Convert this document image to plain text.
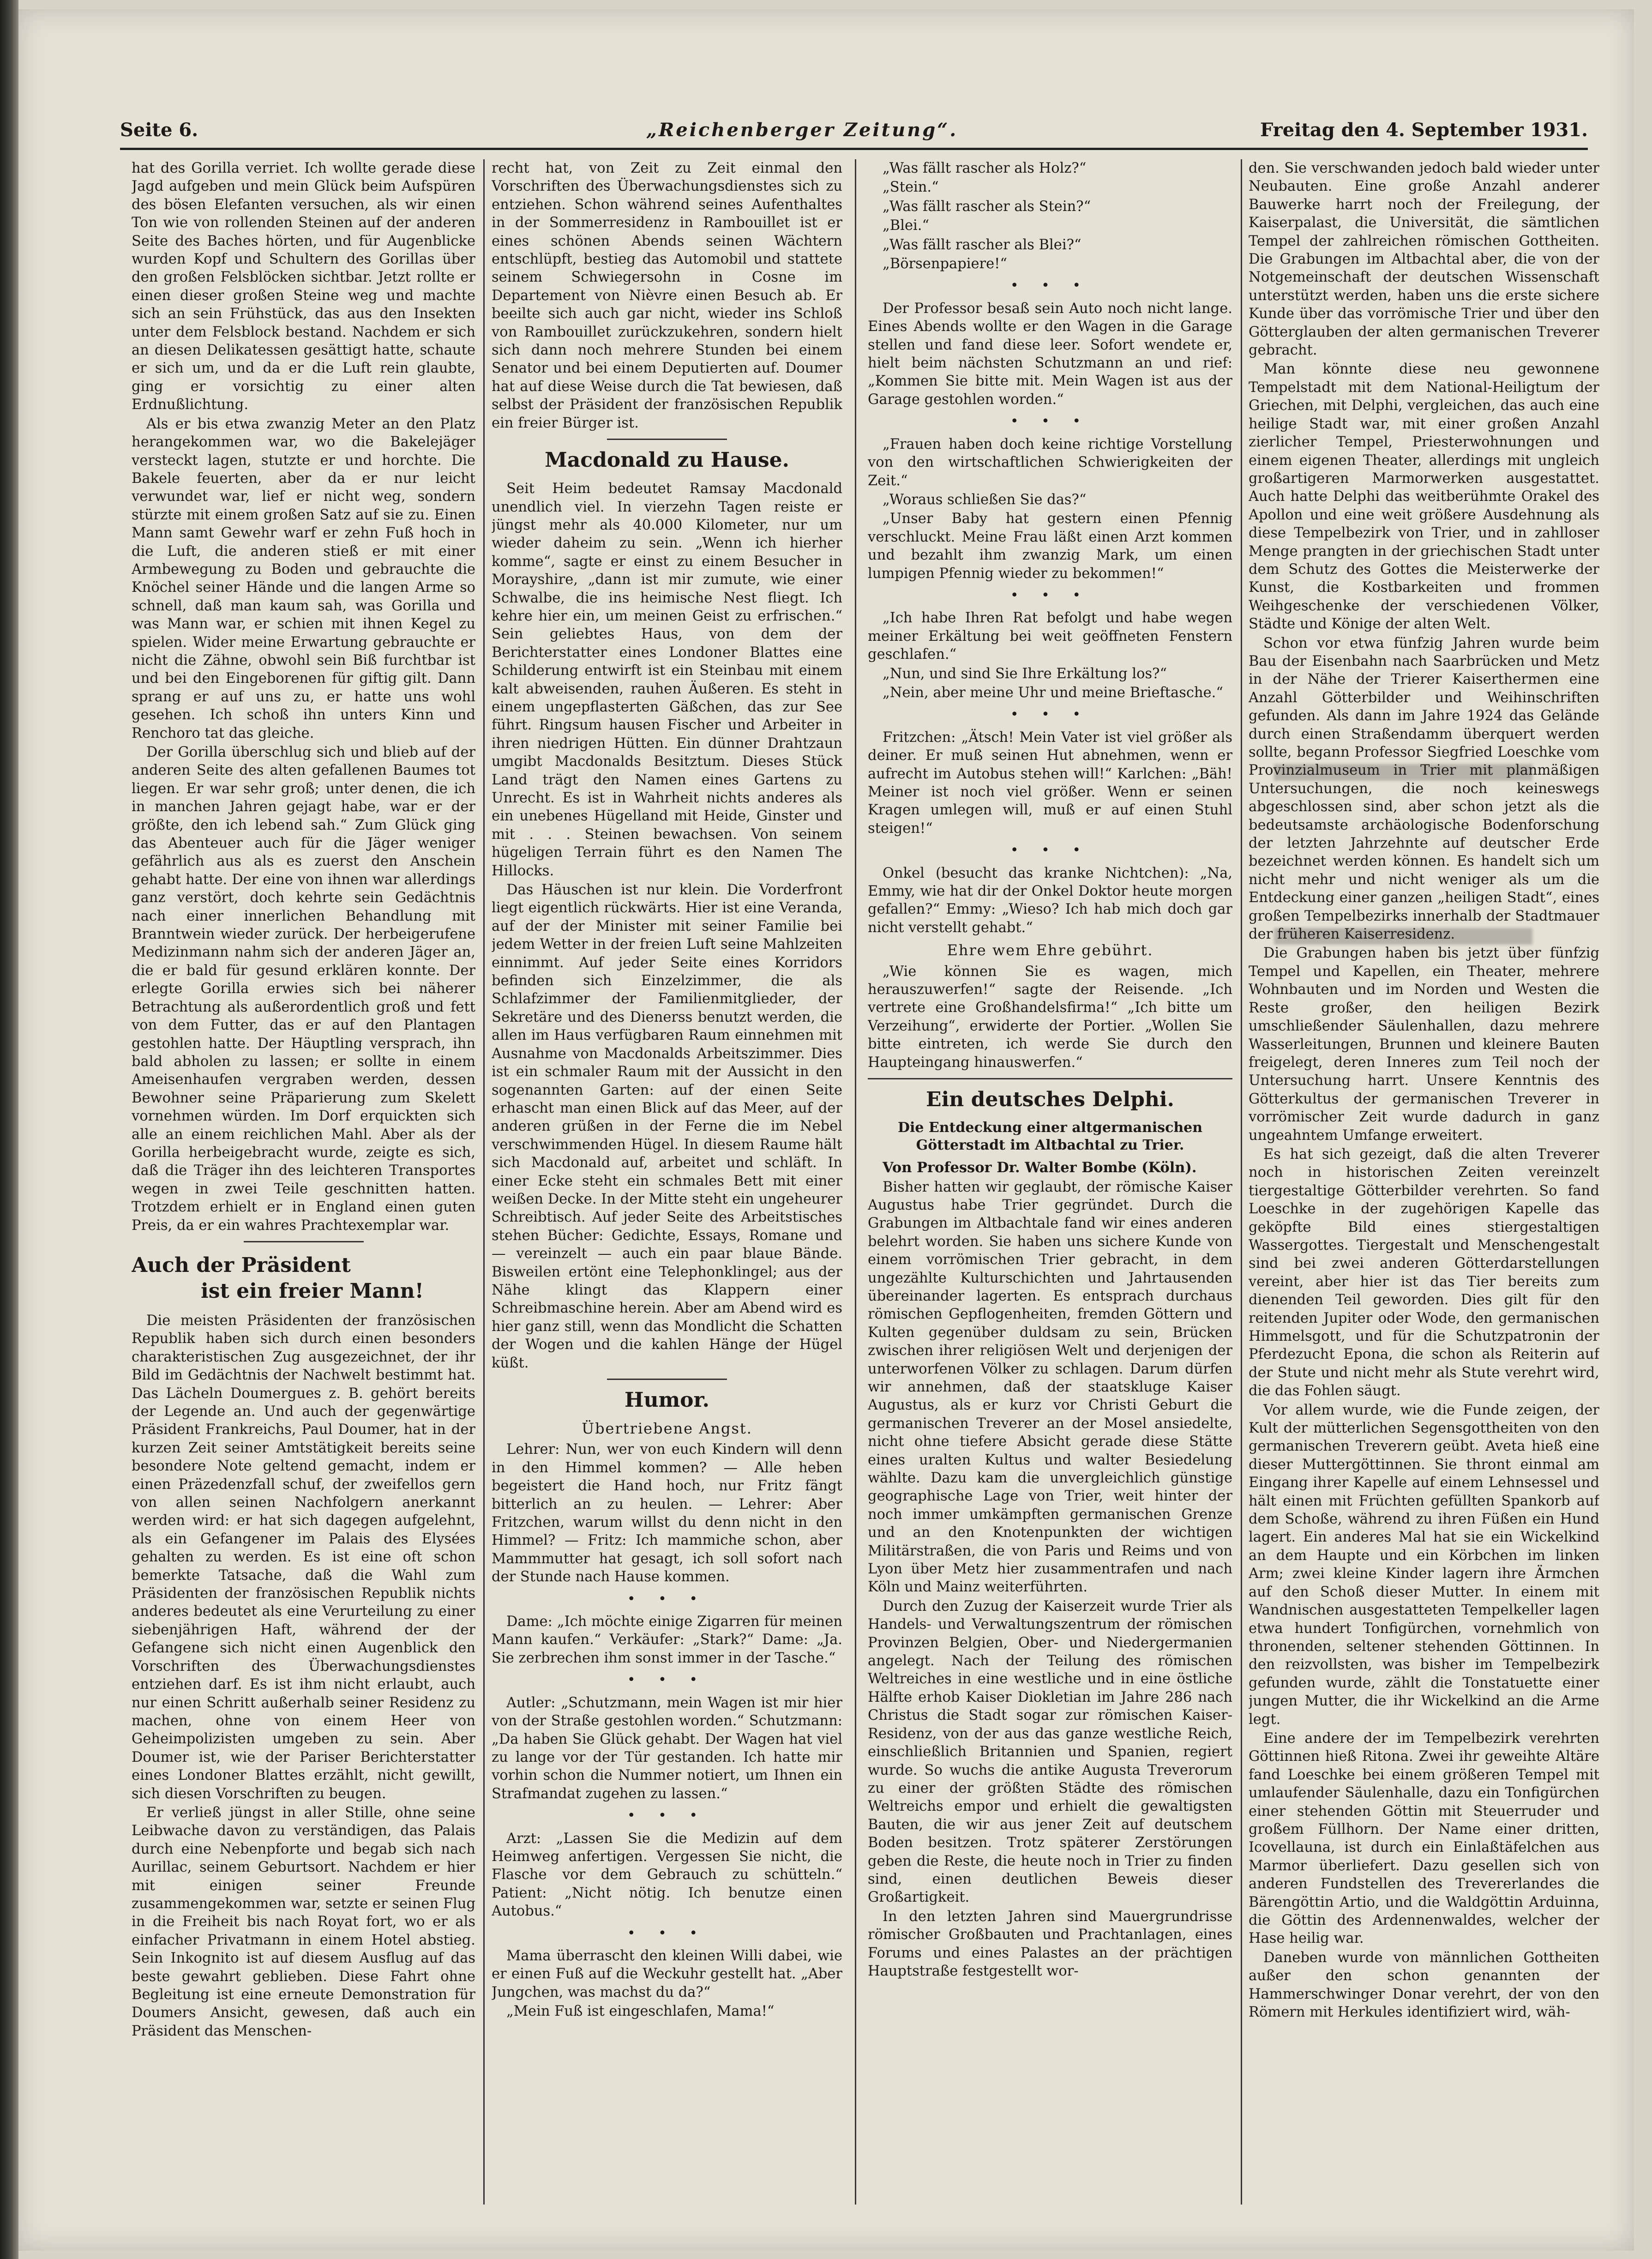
Seite 6.	„Reichenberger Zeitung“.	Freitag den 4. September 1931.

hat des Gorilla verriet. Ich wollte gerade diese Jagd aufgeben und mein Glück beim Aufspüren des bösen Elefanten versuchen, als wir einen Ton wie von rollenden Steinen auf der anderen Seite des Baches hörten, und für Augenblicke wurden Kopf und Schultern des Gorillas über den großen Felsblöcken sichtbar. Jetzt rollte er einen dieser großen Steine weg und machte sich an sein Frühstück, das aus den Insekten unter dem Felsblock bestand. Nachdem er sich an diesen Delikatessen gesättigt hatte, schaute er sich um, und da er die Luft rein glaubte, ging er vorsichtig zu einer alten Erdnußlichtung.

Als er bis etwa zwanzig Meter an den Platz herangekommen war, wo die Bakelejäger versteckt lagen, stutzte er und horchte. Die Bakele feuerten, aber da er nur leicht verwundet war, lief er nicht weg, sondern stürzte mit einem großen Satz auf sie zu. Einen Mann samt Gewehr warf er zehn Fuß hoch in die Luft, die anderen stieß er mit einer Armbewegung zu Boden und gebrauchte die Knöchel seiner Hände und die langen Arme so schnell, daß man kaum sah, was Gorilla und was Mann war, er schien mit ihnen Kegel zu spielen. Wider meine Erwartung gebrauchte er nicht die Zähne, obwohl sein Biß furchtbar ist und bei den Eingeborenen für giftig gilt. Dann sprang er auf uns zu, er hatte uns wohl gesehen. Ich schoß ihn unters Kinn und Renchoro tat das gleiche.

Der Gorilla überschlug sich und blieb auf der anderen Seite des alten gefallenen Baumes tot liegen. Er war sehr groß; unter denen, die ich in manchen Jahren gejagt habe, war er der größte, den ich lebend sah.“ Zum Glück ging das Abenteuer auch für die Jäger weniger gefährlich aus als es zuerst den Anschein gehabt hatte. Der eine von ihnen war allerdings ganz verstört, doch kehrte sein Gedächtnis nach einer innerlichen Behandlung mit Branntwein wieder zurück. Der herbeigerufene Medizinmann nahm sich der anderen Jäger an, die er bald für gesund erklären konnte. Der erlegte Gorilla erwies sich bei näherer Betrachtung als außerordentlich groß und fett von dem Futter, das er auf den Plantagen gestohlen hatte. Der Häuptling versprach, ihn bald abholen zu lassen; er sollte in einem Ameisenhaufen vergraben werden, dessen Bewohner seine Präparierung zum Skelett vornehmen würden. Im Dorf erquickten sich alle an einem reichlichen Mahl. Aber als der Gorilla herbeigebracht wurde, zeigte es sich, daß die Träger ihn des leichteren Transportes wegen in zwei Teile geschnitten hatten. Trotzdem erhielt er in England einen guten Preis, da er ein wahres Prachtexemplar war.

Auch der Präsident
ist ein freier Mann!

Die meisten Präsidenten der französischen Republik haben sich durch einen besonders charakteristischen Zug ausgezeichnet, der ihr Bild im Gedächtnis der Nachwelt bestimmt hat. Das Lächeln Doumergues z. B. gehört bereits der Legende an. Und auch der gegenwärtige Präsident Frankreichs, Paul Doumer, hat in der kurzen Zeit seiner Amtstätigkeit bereits seine besondere Note geltend gemacht, indem er einen Präzedenzfall schuf, der zweifellos gern von allen seinen Nachfolgern anerkannt werden wird: er hat sich dagegen aufgelehnt, als ein Gefangener im Palais des Elysées gehalten zu werden. Es ist eine oft schon bemerkte Tatsache, daß die Wahl zum Präsidenten der französischen Republik nichts anderes bedeutet als eine Verurteilung zu einer siebenjährigen Haft, während der der Gefangene sich nicht einen Augenblick den Vorschriften des Überwachungsdienstes entziehen darf. Es ist ihm nicht erlaubt, auch nur einen Schritt außerhalb seiner Residenz zu machen, ohne von einem Heer von Geheimpolizisten umgeben zu sein. Aber Doumer ist, wie der Pariser Berichterstatter eines Londoner Blattes erzählt, nicht gewillt, sich diesen Vorschriften zu beugen.

Er verließ jüngst in aller Stille, ohne seine Leibwache davon zu verständigen, das Palais durch eine Nebenpforte und begab sich nach Aurillac, seinem Geburtsort. Nachdem er hier mit einigen seiner Freunde zusammengekommen war, setzte er seinen Flug in die Freiheit bis nach Royat fort, wo er als einfacher Privatmann in einem Hotel abstieg. Sein Inkognito ist auf diesem Ausflug auf das beste gewahrt geblieben. Diese Fahrt ohne Begleitung ist eine erneute Demonstration für Doumers Ansicht, gewesen, daß auch ein Präsident das Menschen-

recht hat, von Zeit zu Zeit einmal den Vorschriften des Überwachungsdienstes sich zu entziehen. Schon während seines Aufenthaltes in der Sommerresidenz in Rambouillet ist er eines schönen Abends seinen Wächtern entschlüpft, bestieg das Automobil und stattete seinem Schwiegersohn in Cosne im Departement von Nièvre einen Besuch ab. Er beeilte sich auch gar nicht, wieder ins Schloß von Rambouillet zurückzukehren, sondern hielt sich dann noch mehrere Stunden bei einem Senator und bei einem Deputierten auf. Doumer hat auf diese Weise durch die Tat bewiesen, daß selbst der Präsident der französischen Republik ein freier Bürger ist.

Macdonald zu Hause.

Seit Heim bedeutet Ramsay Macdonald unendlich viel. In vierzehn Tagen reiste er jüngst mehr als 40.000 Kilometer, nur um wieder daheim zu sein. „Wenn ich hierher komme“, sagte er einst zu einem Besucher in Morayshire, „dann ist mir zumute, wie einer Schwalbe, die ins heimische Nest fliegt. Ich kehre hier ein, um meinen Geist zu erfrischen.“ Sein geliebtes Haus, von dem der Berichterstatter eines Londoner Blattes eine Schilderung entwirft ist ein Steinbau mit einem kalt abweisenden, rauhen Äußeren. Es steht in einem ungepflasterten Gäßchen, das zur See führt. Ringsum hausen Fischer und Arbeiter in ihren niedrigen Hütten. Ein dünner Drahtzaun umgibt Macdonalds Besitztum. Dieses Stück Land trägt den Namen eines Gartens zu Unrecht. Es ist in Wahrheit nichts anderes als ein unebenes Hügelland mit Heide, Ginster und mit . . . Steinen bewachsen. Von seinem hügeligen Terrain führt es den Namen The Hillocks.

Das Häuschen ist nur klein. Die Vorderfront liegt eigentlich rückwärts. Hier ist eine Veranda, auf der der Minister mit seiner Familie bei jedem Wetter in der freien Luft seine Mahlzeiten einnimmt. Auf jeder Seite eines Korridors befinden sich Einzelzimmer, die als Schlafzimmer der Familienmitglieder, der Sekretäre und des Dienerss benutzt werden, die allen im Haus verfügbaren Raum einnehmen mit Ausnahme von Macdonalds Arbeitszimmer. Dies ist ein schmaler Raum mit der Aussicht in den sogenannten Garten: auf der einen Seite erhascht man einen Blick auf das Meer, auf der anderen grüßen in der Ferne die im Nebel verschwimmenden Hügel. In diesem Raume hält sich Macdonald auf, arbeitet und schläft. In einer Ecke steht ein schmales Bett mit einer weißen Decke. In der Mitte steht ein ungeheurer Schreibtisch. Auf jeder Seite des Arbeitstisches stehen Bücher: Gedichte, Essays, Romane und — vereinzelt — auch ein paar blaue Bände. Bisweilen ertönt eine Telephonklingel; aus der Nähe klingt das Klappern einer Schreibmaschine herein. Aber am Abend wird es hier ganz still, wenn das Mondlicht die Schatten der Wogen und die kahlen Hänge der Hügel küßt.

Humor.
Übertriebene Angst.

Lehrer: Nun, wer von euch Kindern will denn in den Himmel kommen? — Alle heben begeistert die Hand hoch, nur Fritz fängt bitterlich an zu heulen. — Lehrer: Aber Fritzchen, warum willst du denn nicht in den Himmel? — Fritz: Ich mammiche schon, aber Mammmutter hat gesagt, ich soll sofort nach der Stunde nach Hause kommen.

• • •

Dame: „Ich möchte einige Zigarren für meinen Mann kaufen.“ Verkäufer: „Stark?“ Dame: „Ja. Sie zerbrechen ihm sonst immer in der Tasche.“

• • •

Autler: „Schutzmann, mein Wagen ist mir hier von der Straße gestohlen worden.“ Schutzmann: „Da haben Sie Glück gehabt. Der Wagen hat viel zu lange vor der Tür gestanden. Ich hatte mir vorhin schon die Nummer notiert, um Ihnen ein Strafmandat zugehen zu lassen.“

• • •

Arzt: „Lassen Sie die Medizin auf dem Heimweg anfertigen. Vergessen Sie nicht, die Flasche vor dem Gebrauch zu schütteln.“ Patient: „Nicht nötig. Ich benutze einen Autobus.“

• • •

Mama überrascht den kleinen Willi dabei, wie er einen Fuß auf die Weckuhr gestellt hat. „Aber Jungchen, was machst du da?“

„Mein Fuß ist eingeschlafen, Mama!“

„Was fällt rascher als Holz?“

„Stein.“

„Was fällt rascher als Stein?“

„Blei.“

„Was fällt rascher als Blei?“

„Börsenpapiere!“

• • •

Der Professor besaß sein Auto noch nicht lange. Eines Abends wollte er den Wagen in die Garage stellen und fand diese leer. Sofort wendete er, hielt beim nächsten Schutzmann an und rief: „Kommen Sie bitte mit. Mein Wagen ist aus der Garage gestohlen worden.“

• • •

„Frauen haben doch keine richtige Vorstellung von den wirtschaftlichen Schwierigkeiten der Zeit.“

„Woraus schließen Sie das?“

„Unser Baby hat gestern einen Pfennig verschluckt. Meine Frau läßt einen Arzt kommen und bezahlt ihm zwanzig Mark, um einen lumpigen Pfennig wieder zu bekommen!“

• • •

„Ich habe Ihren Rat befolgt und habe wegen meiner Erkältung bei weit geöffneten Fenstern geschlafen.“

„Nun, und sind Sie Ihre Erkältung los?“

„Nein, aber meine Uhr und meine Brieftasche.“

• • •

Fritzchen: „Ätsch! Mein Vater ist viel größer als deiner. Er muß seinen Hut abnehmen, wenn er aufrecht im Autobus stehen will!“ Karlchen: „Bäh! Meiner ist noch viel größer. Wenn er seinen Kragen umlegen will, muß er auf einen Stuhl steigen!“

• • •

Onkel (besucht das kranke Nichtchen): „Na, Emmy, wie hat dir der Onkel Doktor heute morgen gefallen?“ Emmy: „Wieso? Ich hab mich doch gar nicht verstellt gehabt.“

Ehre wem Ehre gebührt.

„Wie können Sie es wagen, mich herauszuwerfen!“ sagte der Reisende. „Ich vertrete eine Großhandelsfirma!“ „Ich bitte um Verzeihung“, erwiderte der Portier. „Wollen Sie bitte eintreten, ich werde Sie durch den Haupteingang hinauswerfen.“

Ein deutsches Delphi.
Die Entdeckung einer altgermanischen Götterstadt im Altbachtal zu Trier.

Von Professor Dr. Walter Bombe (Köln).

Bisher hatten wir geglaubt, der römische Kaiser Augustus habe Trier gegründet. Durch die Grabungen im Altbachtale fand wir eines anderen belehrt worden. Sie haben uns sichere Kunde von einem vorrömischen Trier gebracht, in dem ungezählte Kulturschichten und Jahrtausenden übereinander lagerten. Es entsprach durchaus römischen Gepflogenheiten, fremden Göttern und Kulten gegenüber duldsam zu sein, Brücken zwischen ihrer religiösen Welt und derjenigen der unterworfenen Völker zu schlagen. Darum dürfen wir annehmen, daß der staatskluge Kaiser Augustus, als er kurz vor Christi Geburt die germanischen Treverer an der Mosel ansiedelte, nicht ohne tiefere Absicht gerade diese Stätte eines uralten Kultus und walter Besiedelung wählte. Dazu kam die unvergleichlich günstige geographische Lage von Trier, weit hinter der noch immer umkämpften germanischen Grenze und an den Knotenpunkten der wichtigen Militärstraßen, die von Paris und Reims und von Lyon über Metz hier zusammentrafen und nach Köln und Mainz weiterführten.

Durch den Zuzug der Kaiserzeit wurde Trier als Handels- und Verwaltungszentrum der römischen Provinzen Belgien, Ober- und Niedergermanien angelegt. Nach der Teilung des römischen Weltreiches in eine westliche und in eine östliche Hälfte erhob Kaiser Diokletian im Jahre 286 nach Christus die Stadt sogar zur römischen Kaiser-Residenz, von der aus das ganze westliche Reich, einschließlich Britannien und Spanien, regiert wurde. So wuchs die antike Augusta Treverorum zu einer der größten Städte des römischen Weltreichs empor und erhielt die gewaltigsten Bauten, die wir aus jener Zeit auf deutschem Boden besitzen. Trotz späterer Zerstörungen geben die Reste, die heute noch in Trier zu finden sind, einen deutlichen Beweis dieser Großartigkeit.

In den letzten Jahren sind Mauergrundrisse römischer Großbauten und Prachtanlagen, eines Forums und eines Palastes an der prächtigen Hauptstraße festgestellt wor-

den. Sie verschwanden jedoch bald wieder unter Neubauten. Eine große Anzahl anderer Bauwerke harrt noch der Freilegung, der Kaiserpalast, die Universität, die sämtlichen Tempel der zahlreichen römischen Gottheiten. Die Grabungen im Altbachtal aber, die von der Notgemeinschaft der deutschen Wissenschaft unterstützt werden, haben uns die erste sichere Kunde über das vorrömische Trier und über den Götterglauben der alten germanischen Treverer gebracht.

Man könnte diese neu gewonnene Tempelstadt mit dem National-Heiligtum der Griechen, mit Delphi, vergleichen, das auch eine heilige Stadt war, mit einer großen Anzahl zierlicher Tempel, Priesterwohnungen und einem eigenen Theater, allerdings mit ungleich großartigeren Marmorwerken ausgestattet. Auch hatte Delphi das weitberühmte Orakel des Apollon und eine weit größere Ausdehnung als diese Tempelbezirk von Trier, und in zahlloser Menge prangten in der griechischen Stadt unter dem Schutz des Gottes die Meisterwerke der Kunst, die Kostbarkeiten und frommen Weihgeschenke der verschiedenen Völker, Städte und Könige der alten Welt.

Schon vor etwa fünfzig Jahren wurde beim Bau der Eisenbahn nach Saarbrücken und Metz in der Nähe der Trierer Kaiserthermen eine Anzahl Götterbilder und Weihinschriften gefunden. Als dann im Jahre 1924 das Gelände durch einen Straßendamm überquert werden sollte, begann Professor Siegfried Loeschke vom Provinzialmuseum in Trier mit planmäßigen Untersuchungen, die noch keineswegs abgeschlossen sind, aber schon jetzt als die bedeutsamste archäologische Bodenforschung der letzten Jahrzehnte auf deutscher Erde bezeichnet werden können. Es handelt sich um nicht mehr und nicht weniger als um die Entdeckung einer ganzen „heiligen Stadt“, eines großen Tempelbezirks innerhalb der Stadtmauer der früheren Kaiserresidenz.

Die Grabungen haben bis jetzt über fünfzig Tempel und Kapellen, ein Theater, mehrere Wohnbauten und im Norden und Westen die Reste großer, den heiligen Bezirk umschließender Säulenhallen, dazu mehrere Wasserleitungen, Brunnen und kleinere Bauten freigelegt, deren Inneres zum Teil noch der Untersuchung harrt. Unsere Kenntnis des Götterkultus der germanischen Treverer in vorrömischer Zeit wurde dadurch in ganz ungeahntem Umfange erweitert.

Es hat sich gezeigt, daß die alten Treverer noch in historischen Zeiten vereinzelt tiergestaltige Götterbilder verehrten. So fand Loeschke in der zugehörigen Kapelle das geköpfte Bild eines stiergestaltigen Wassergottes. Tiergestalt und Menschengestalt sind bei zwei anderen Götterdarstellungen vereint, aber hier ist das Tier bereits zum dienenden Teil geworden. Dies gilt für den reitenden Jupiter oder Wode, den germanischen Himmelsgott, und für die Schutzpatronin der Pferdezucht Epona, die schon als Reiterin auf der Stute und nicht mehr als Stute verehrt wird, die das Fohlen säugt.

Vor allem wurde, wie die Funde zeigen, der Kult der mütterlichen Segensgottheiten von den germanischen Treverern geübt. Aveta hieß eine dieser Muttergöttinnen. Sie thront einmal am Eingang ihrer Kapelle auf einem Lehnsessel und hält einen mit Früchten gefüllten Spankorb auf dem Schoße, während zu ihren Füßen ein Hund lagert. Ein anderes Mal hat sie ein Wickelkind an dem Haupte und ein Körbchen im linken Arm; zwei kleine Kinder lagern ihre Ärmchen auf den Schoß dieser Mutter. In einem mit Wandnischen ausgestatteten Tempelkeller lagen etwa hundert Tonfigürchen, vornehmlich von thronenden, seltener stehenden Göttinnen. In den reizvollsten, was bisher im Tempelbezirk gefunden wurde, zählt die Tonstatuette einer jungen Mutter, die ihr Wickelkind an die Arme legt.

Eine andere der im Tempelbezirk verehrten Göttinnen hieß Ritona. Zwei ihr geweihte Altäre fand Loeschke bei einem größeren Tempel mit umlaufender Säulenhalle, dazu ein Tonfigürchen einer stehenden Göttin mit Steuerruder und großem Füllhorn. Der Name einer dritten, Icovellauna, ist durch ein Einlaßtäfelchen aus Marmor überliefert. Dazu gesellen sich von anderen Fundstellen des Trevererlandes die Bärengöttin Artio, und die Waldgöttin Arduinna, die Göttin des Ardennenwaldes, welcher der Hase heilig war.

Daneben wurde von männlichen Gottheiten außer den schon genannten der Hammerschwinger Donar verehrt, der von den Römern mit Herkules identifiziert wird, wäh-
